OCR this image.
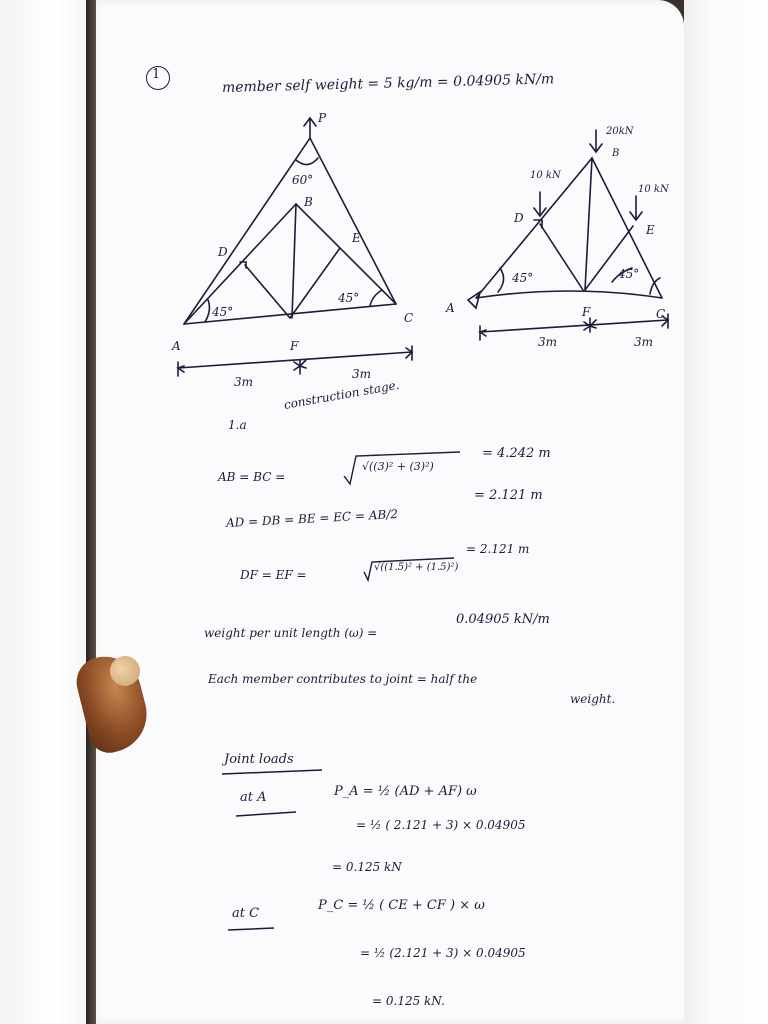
1	member self weight = 5 kg/m = 0.04905 kN/m
P
60°
B
D
E
45°
45°
A	F
C
3m
3m
20kN
B
10 kN
10 kN
D
E
45°	45°
A	F	C
3m	3m
1.a
construction stage.
AB = BC =
√((3)² + (3)²)
= 4.242 m
AD = DB = BE = EC = AB/2
= 2.121 m
DF = EF =
√((1.5)² + (1.5)²)
= 2.121 m
weight per unit length (ω) =
0.04905 kN/m
Each member contributes to joint = half the
weight.
Joint loads
at A	P_A = ½ (AD + AF) ω
= ½ ( 2.121 + 3) × 0.04905
= 0.125 kN
at C
P_C = ½ ( CE + CF ) × ω
= ½ (2.121 + 3) × 0.04905
= 0.125 kN.
